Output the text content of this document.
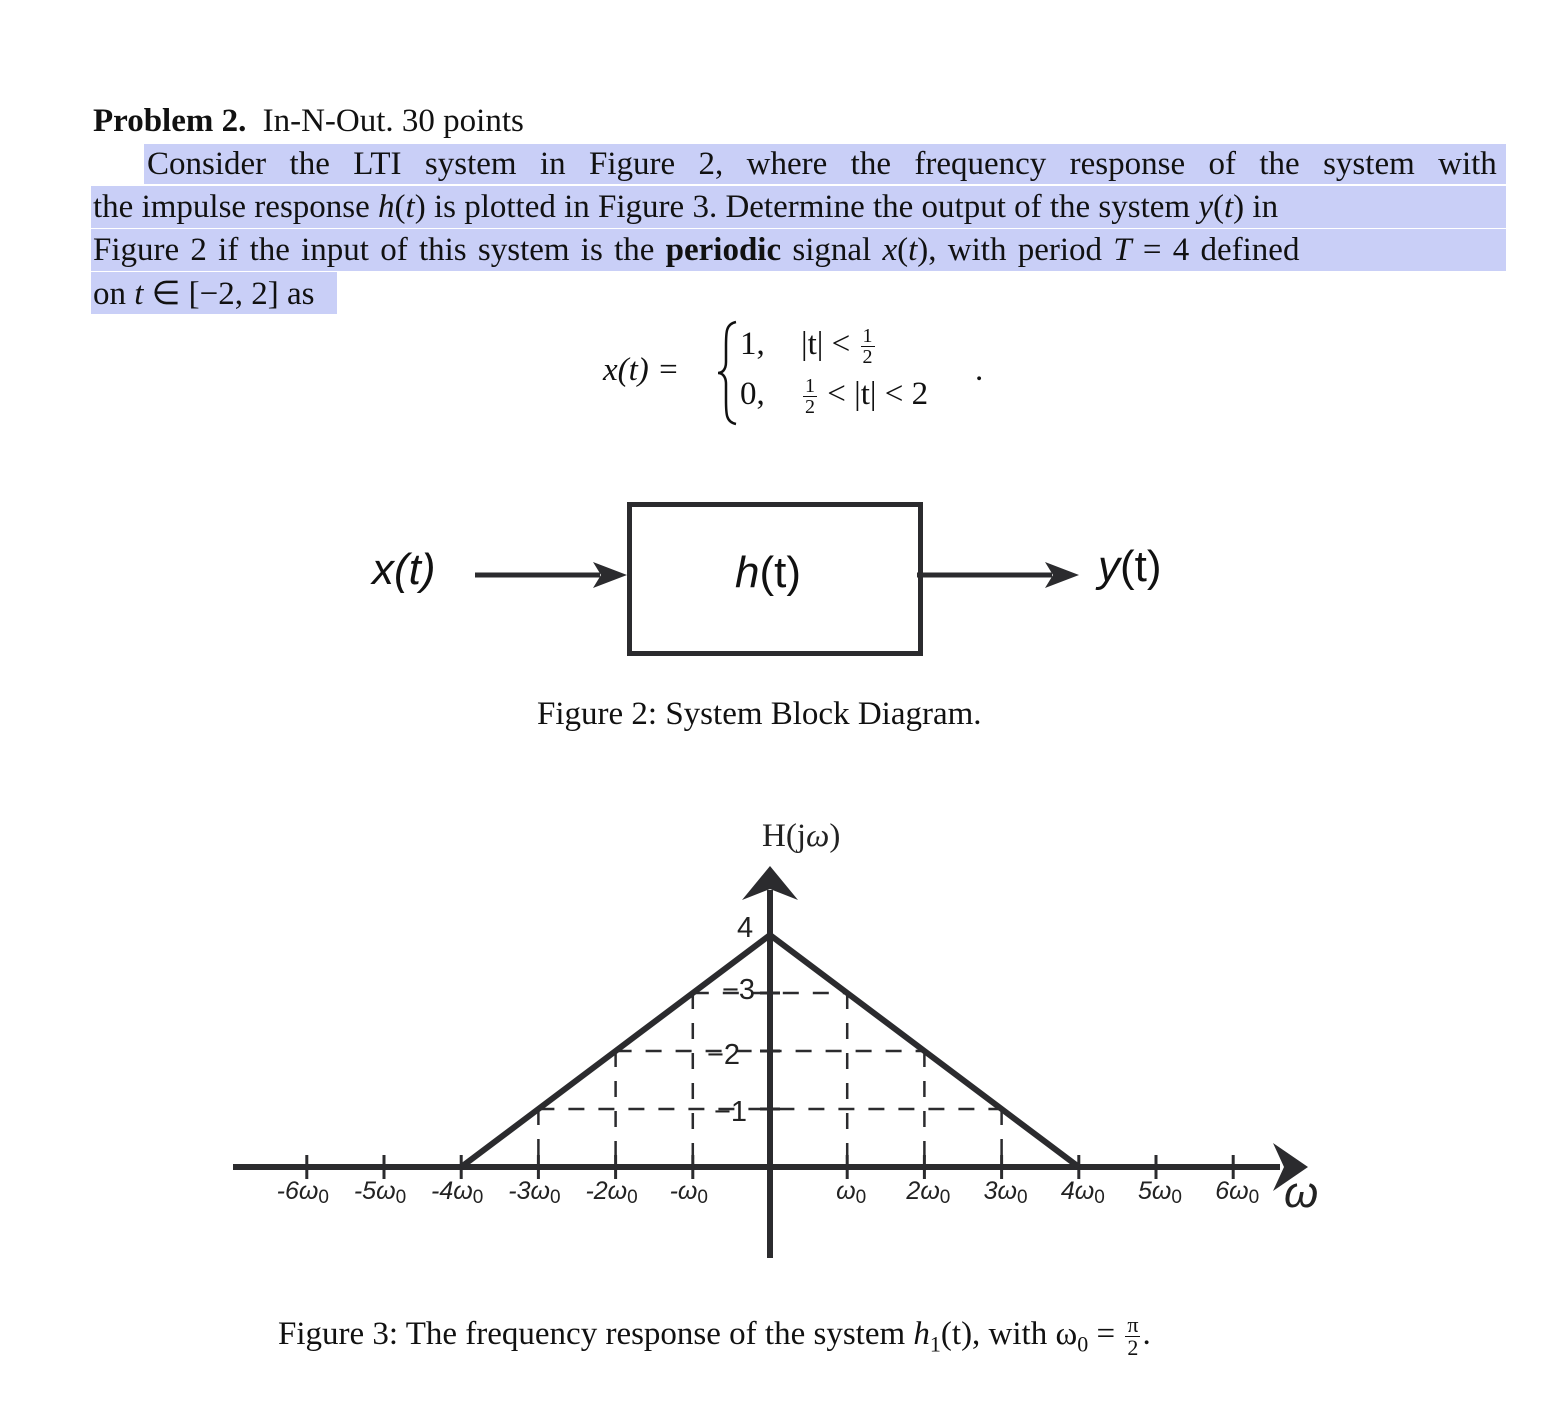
Problem 2. In-N-Out. 30 points
Consider the LTI system in Figure 2, where the frequency response of the system with
the impulse response h(t) is plotted in Figure 3. Determine the output of the system y(t) in
Figure 2 if the input of this system is the periodic signal x(t), with period T = 4 defined
on t ∈ [−2, 2] as
x(t) =
1, $|t| < \frac{1}{2}$
0, $\frac{1}{2} < |t| < 2$
.
x(t)	h(t)	y(t)
Figure 2: System Block Diagram.
$-6\omega_0$ $-5\omega_0$ $-4\omega_0$ $-3\omega_0$ $-2\omega_0$ $-\omega_0$	$\omega_0$ $2\omega_0$ $3\omega_0$ $4\omega_0$ $5\omega_0$ $6\omega_0$
4
−3
−2
−1
H(jω)
ω
Figure 3: The frequency response of the system $h_1(t)$, with $\omega_0 = \frac{\pi}{2}$ .
